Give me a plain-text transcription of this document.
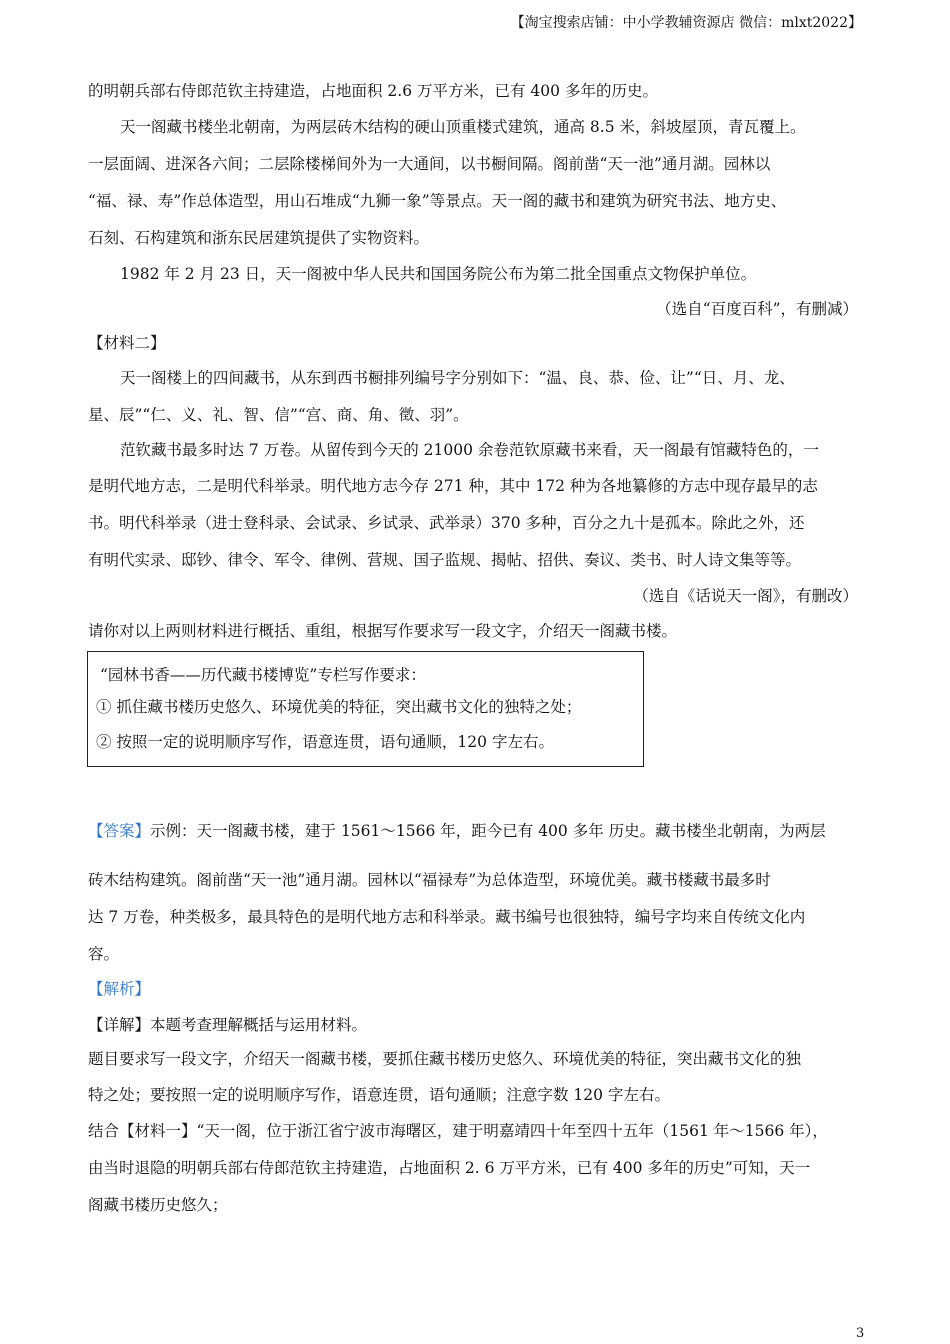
【淘宝搜索店铺：中小学教辅资源店 微信：mlxt2022】
的明朝兵部右侍郎范钦主持建造，占地面积 2.6 万平方米，已有 400 多年的历史。
天一阁藏书楼坐北朝南，为两层砖木结构的硬山顶重楼式建筑，通高 8.5 米，斜坡屋顶，青瓦覆上。
一层面阔、进深各六间；二层除楼梯间外为一大通间，以书橱间隔。阁前凿“天一池”通月湖。园林以
“福、禄、寿”作总体造型，用山石堆成“九狮一象”等景点。天一阁的藏书和建筑为研究书法、地方史、
石刻、石构建筑和浙东民居建筑提供了实物资料。
1982 年 2 月 23 日，天一阁被中华人民共和国国务院公布为第二批全国重点文物保护单位。
（选自“百度百科”，有删减）
【材料二】
天一阁楼上的四间藏书，从东到西书橱排列编号字分别如下：“温、良、恭、俭、让”“日、月、龙、
星、辰”“仁、义、礼、智、信”“宫、商、角、徵、羽”。
范钦藏书最多时达 7 万卷。从留传到今天的 21000 余卷范钦原藏书来看，天一阁最有馆藏特色的，一
是明代地方志，二是明代科举录。明代地方志今存 271 种，其中 172 种为各地纂修的方志中现存最早的志
书。明代科举录（进士登科录、会试录、乡试录、武举录）370 多种，百分之九十是孤本。除此之外，还
有明代实录、邸钞、律令、军令、律例、营规、国子监规、揭帖、招供、奏议、类书、时人诗文集等等。
（选自《话说天一阁》，有删改）
请你对以上两则材料进行概括、重组，根据写作要求写一段文字，介绍天一阁藏书楼。
“园林书香——历代藏书楼博览”专栏写作要求：
① 抓住藏书楼历史悠久、环境优美的特征，突出藏书文化的独特之处；
② 按照一定的说明顺序写作，语意连贯，语句通顺，120 字左右。
【答案】示例：天一阁藏书楼，建于 1561～1566 年，距今已有 400 多年 历史。藏书楼坐北朝南，为两层
砖木结构建筑。阁前凿“天一池”通月湖。园林以“福禄寿”为总体造型，环境优美。藏书楼藏书最多时
达 7 万卷，种类极多，最具特色的是明代地方志和科举录。藏书编号也很独特，编号字均来自传统文化内
容。
【解析】
【详解】本题考查理解概括与运用材料。
题目要求写一段文字，介绍天一阁藏书楼，要抓住藏书楼历史悠久、环境优美的特征，突出藏书文化的独
特之处；要按照一定的说明顺序写作，语意连贯，语句通顺；注意字数 120 字左右。
结合【材料一】“天一阁，位于浙江省宁波市海曙区，建于明嘉靖四十年至四十五年（1561 年～1566 年），
由当时退隐的明朝兵部右侍郎范钦主持建造，占地面积 2. 6 万平方米，已有 400 多年的历史”可知，天一
阁藏书楼历史悠久；
3
